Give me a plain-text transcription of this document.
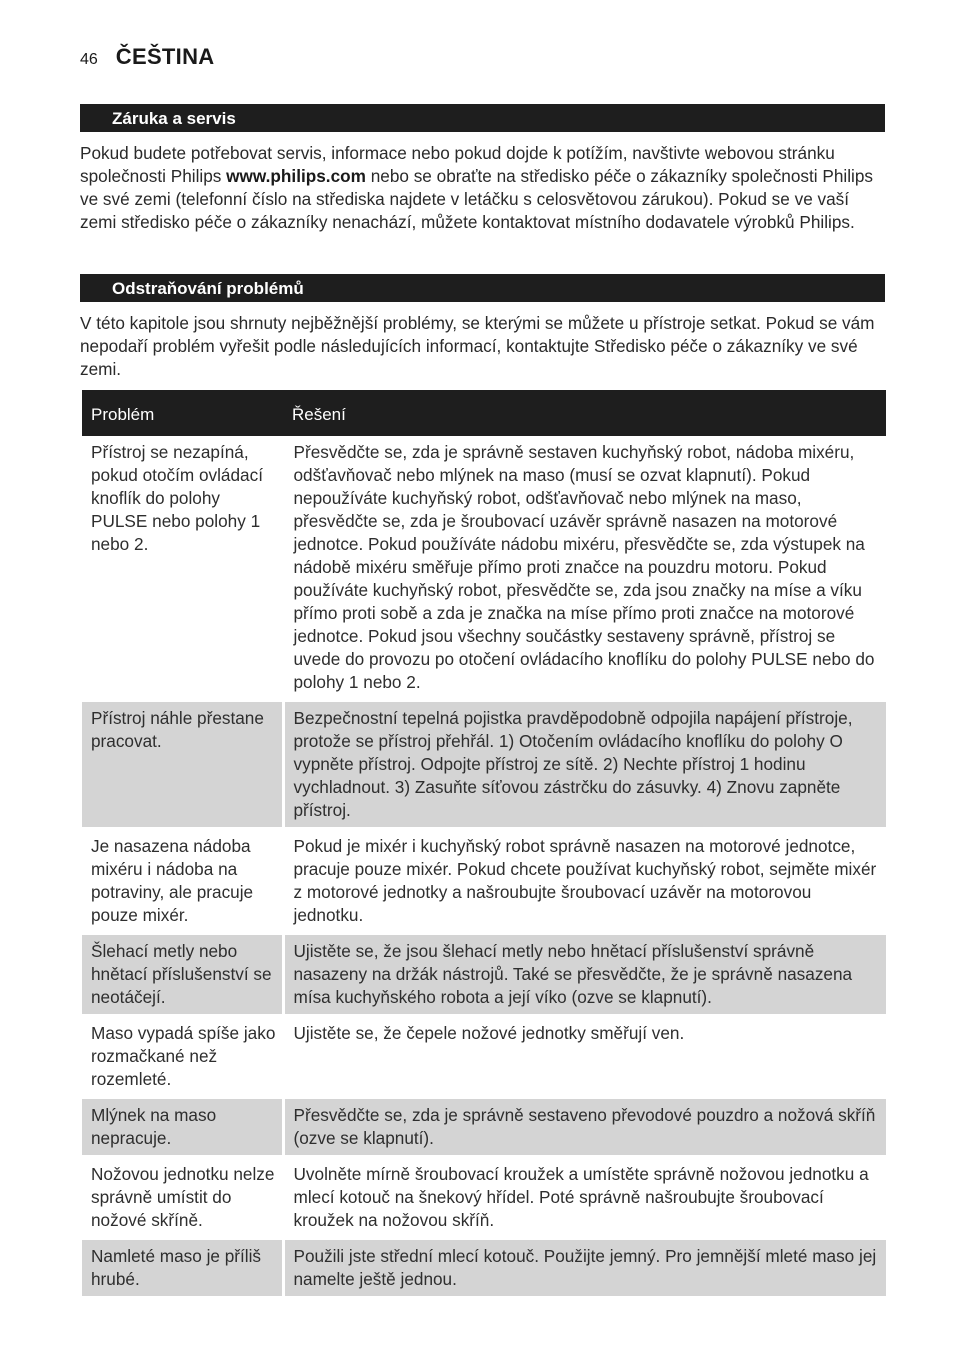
46 ČEŠTINA
Záruka a servis

Pokud budete potřebovat servis, informace nebo pokud dojde k potížím, navštivte webovou stránku společnosti Philips www.philips.com nebo se obraťte na středisko péče o zákazníky společnosti Philips ve své zemi (telefonní číslo na střediska najdete v letáčku s celosvětovou zárukou). Pokud se ve vaší zemi středisko péče o zákazníky nenachází, můžete kontaktovat místního dodavatele výrobků Philips.

Odstraňování problémů

V této kapitole jsou shrnuty nejběžnější problémy, se kterými se můžete u přístroje setkat. Pokud se vám nepodaří problém vyřešit podle následujících informací, kontaktujte Středisko péče o zákazníky ve své zemi.

Problém	Řešení
Přístroj se nezapíná, pokud otočím ovládací knoflík do polohy PULSE nebo polohy 1 nebo 2.	Přesvědčte se, zda je správně sestaven kuchyňský robot, nádoba mixéru, odšťavňovač nebo mlýnek na maso (musí se ozvat klapnutí). Pokud nepoužíváte kuchyňský robot, odšťavňovač nebo mlýnek na maso, přesvědčte se, zda je šroubovací uzávěr správně nasazen na motorové jednotce. Pokud používáte nádobu mixéru, přesvědčte se, zda výstupek na nádobě mixéru směřuje přímo proti značce na pouzdru motoru. Pokud používáte kuchyňský robot, přesvědčte se, zda jsou značky na míse a víku přímo proti sobě a zda je značka na míse přímo proti značce na motorové jednotce. Pokud jsou všechny součástky sestaveny správně, přístroj se uvede do provozu po otočení ovládacího knoflíku do polohy PULSE nebo do polohy 1 nebo 2.
Přístroj náhle přestane pracovat.	Bezpečnostní tepelná pojistka pravděpodobně odpojila napájení přístroje, protože se přístroj přehřál. 1) Otočením ovládacího knoflíku do polohy O vypněte přístroj. Odpojte přístroj ze sítě. 2) Nechte přístroj 1 hodinu vychladnout. 3) Zasuňte síťovou zástrčku do zásuvky. 4) Znovu zapněte přístroj.
Je nasazena nádoba mixéru i nádoba na potraviny, ale pracuje pouze mixér.	Pokud je mixér i kuchyňský robot správně nasazen na motorové jednotce, pracuje pouze mixér. Pokud chcete používat kuchyňský robot, sejměte mixér z motorové jednotky a našroubujte šroubovací uzávěr na motorovou jednotku.
Šlehací metly nebo hnětací příslušenství se neotáčejí.	Ujistěte se, že jsou šlehací metly nebo hnětací příslušenství správně nasazeny na držák nástrojů. Také se přesvědčte, že je správně nasazena mísa kuchyňského robota a její víko (ozve se klapnutí).
Maso vypadá spíše jako rozmačkané než rozemleté.	Ujistěte se, že čepele nožové jednotky směřují ven.
Mlýnek na maso nepracuje.	Přesvědčte se, zda je správně sestaveno převodové pouzdro a nožová skříň (ozve se klapnutí).
Nožovou jednotku nelze správně umístit do nožové skříně.	Uvolněte mírně šroubovací kroužek a umístěte správně nožovou jednotku a mlecí kotouč na šnekový hřídel. Poté správně našroubujte šroubovací kroužek na nožovou skříň.
Namleté maso je příliš hrubé.	Použili jste střední mlecí kotouč. Použijte jemný. Pro jemnější mleté maso jej namelte ještě jednou.
